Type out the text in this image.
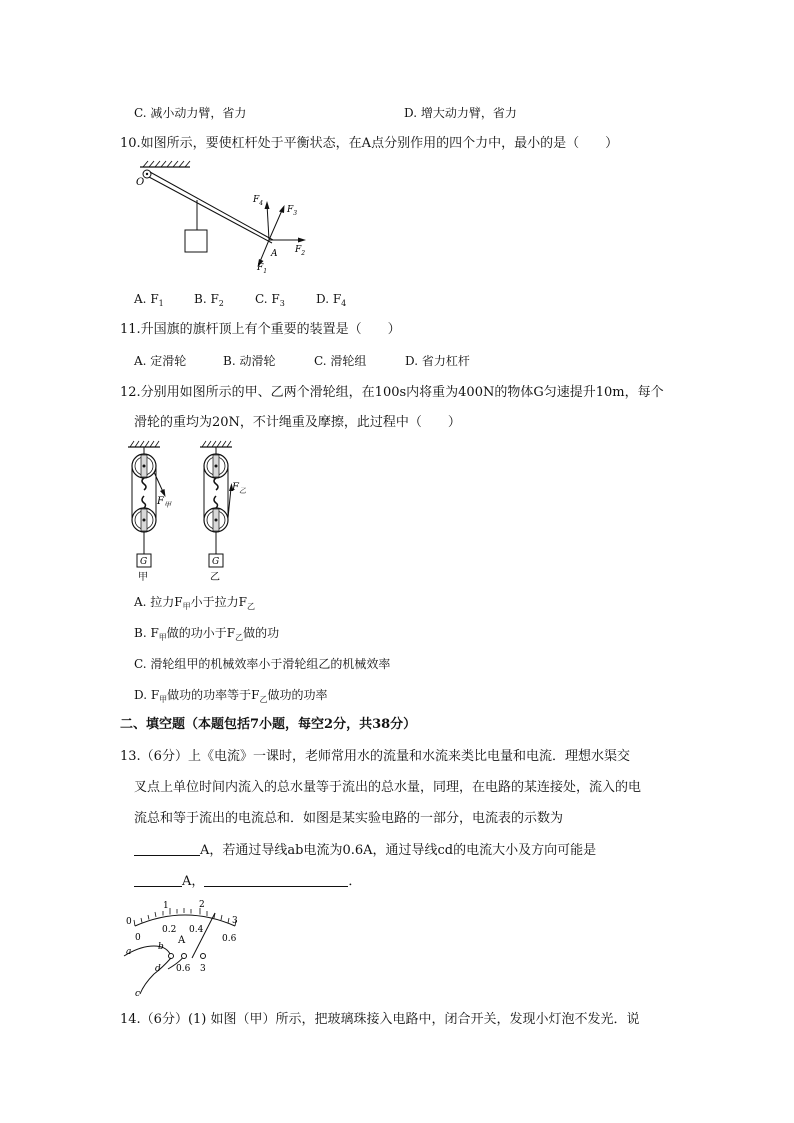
C. 减小动力臂，省力	D. 增大动力臂，省力
10.如图所示，要使杠杆处于平衡状态，在A点分别作用的四个力中，最小的是（　　）
O
A
$F_4$
$F_3$
$F_2$
$F_1$
A. $F_1$	B. $F_2$	C. $F_3$	D. $F_4$
11.升国旗的旗杆顶上有个重要的装置是（　　）
A. 定滑轮	B. 动滑轮	C. 滑轮组	D. 省力杠杆
12.分别用如图所示的甲、乙两个滑轮组，在100s内将重为400N的物体G匀速提升10m，每个
滑轮的重均为20N，不计绳重及摩擦，此过程中（　　）
$F_甲$
G
甲
$F_乙$
G
乙
A. 拉力$F_甲$小于拉力$F_乙$
B. $F_甲$做的功小于$F_乙$做的功
C. 滑轮组甲的机械效率小于滑轮组乙的机械效率
D. $F_甲$做功的功率等于$F_乙$做功的功率
二、填空题（本题包括7小题，每空2分，共38分）
13.（6分）上《电流》一课时，老师常用水的流量和水流来类比电量和电流．理想水渠交
叉点上单位时间内流入的总水量等于流出的总水量，同理，在电路的某连接处，流入的电
流总和等于流出的电流总和．如图是某实验电路的一部分，电流表的示数为
A，若通过导线ab电流为0.6A，通过导线cd的电流大小及方向可能是
A，	．
0
1	2
3
0
0.2 0.4
0.6
A
a	b
c
d 0.6 3
14.（6分）(1) 如图（甲）所示，把玻璃珠接入电路中，闭合开关，发现小灯泡不发光．说
